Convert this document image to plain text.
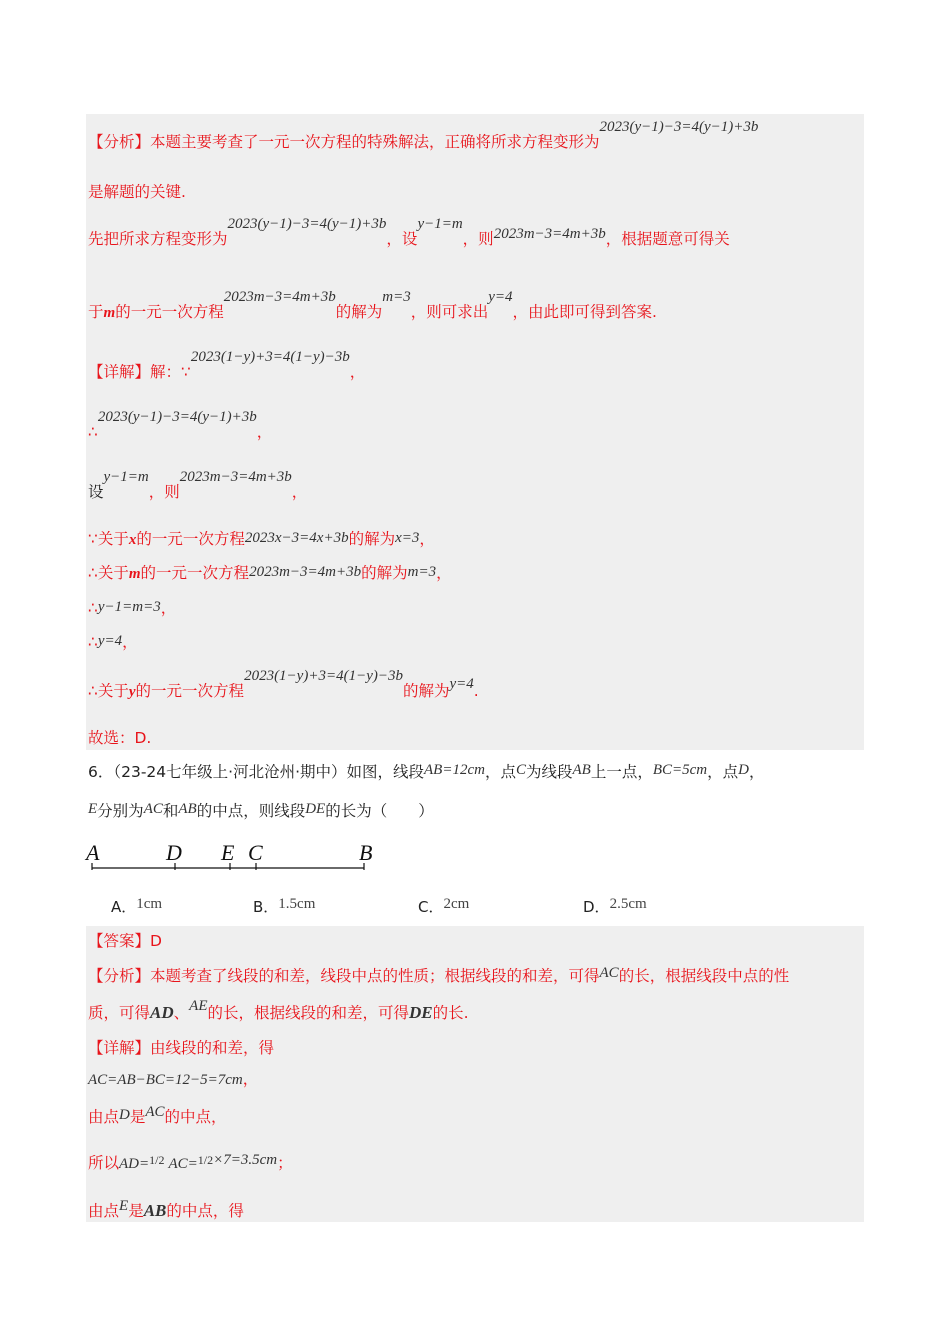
【分析】本题主要考查了一元一次方程的特殊解法，正确将所求方程变形为2023(y−1)−3=4(y−1)+3b
是解题的关键.
先把所求方程变形为2023(y−1)−3=4(y−1)+3b，设y−1=m，则2023m−3=4m+3b，根据题意可得关
于m的一元一次方程2023m−3=4m+3b的解为m=3，则可求出y=4，由此即可得到答案.
【详解】解：∵2023(1−y)+3=4(1−y)−3b，
∴2023(y−1)−3=4(y−1)+3b，
设y−1=m，则2023m−3=4m+3b，
∵关于x的一元一次方程2023x−3=4x+3b的解为x=3，
∴关于m的一元一次方程2023m−3=4m+3b的解为m=3，
∴y−1=m=3，
∴y=4，
∴关于y的一元一次方程2023(1−y)+3=4(1−y)−3b的解为y=4.
故选：D.
6．（23-24七年级上·河北沧州·期中）如图，线段AB=12cm，点C为线段AB上一点，BC=5cm，点D，
E分别为AC和AB的中点，则线段DE的长为（　　）
A	D E C	B
A．1cm	B．1.5cm	C．2cm	D．2.5cm
【答案】D
【分析】本题考查了线段的和差，线段中点的性质；根据线段的和差，可得AC的长，根据线段中点的性
质，可得AD、AE的长，根据线段的和差，可得DE的长.
【详解】由线段的和差，得
AC=AB−BC=12−5=7cm，
由点D是AC的中点，
所以AD=1/2 AC=1/2×7=3.5cm；
由点E是AB的中点，得
